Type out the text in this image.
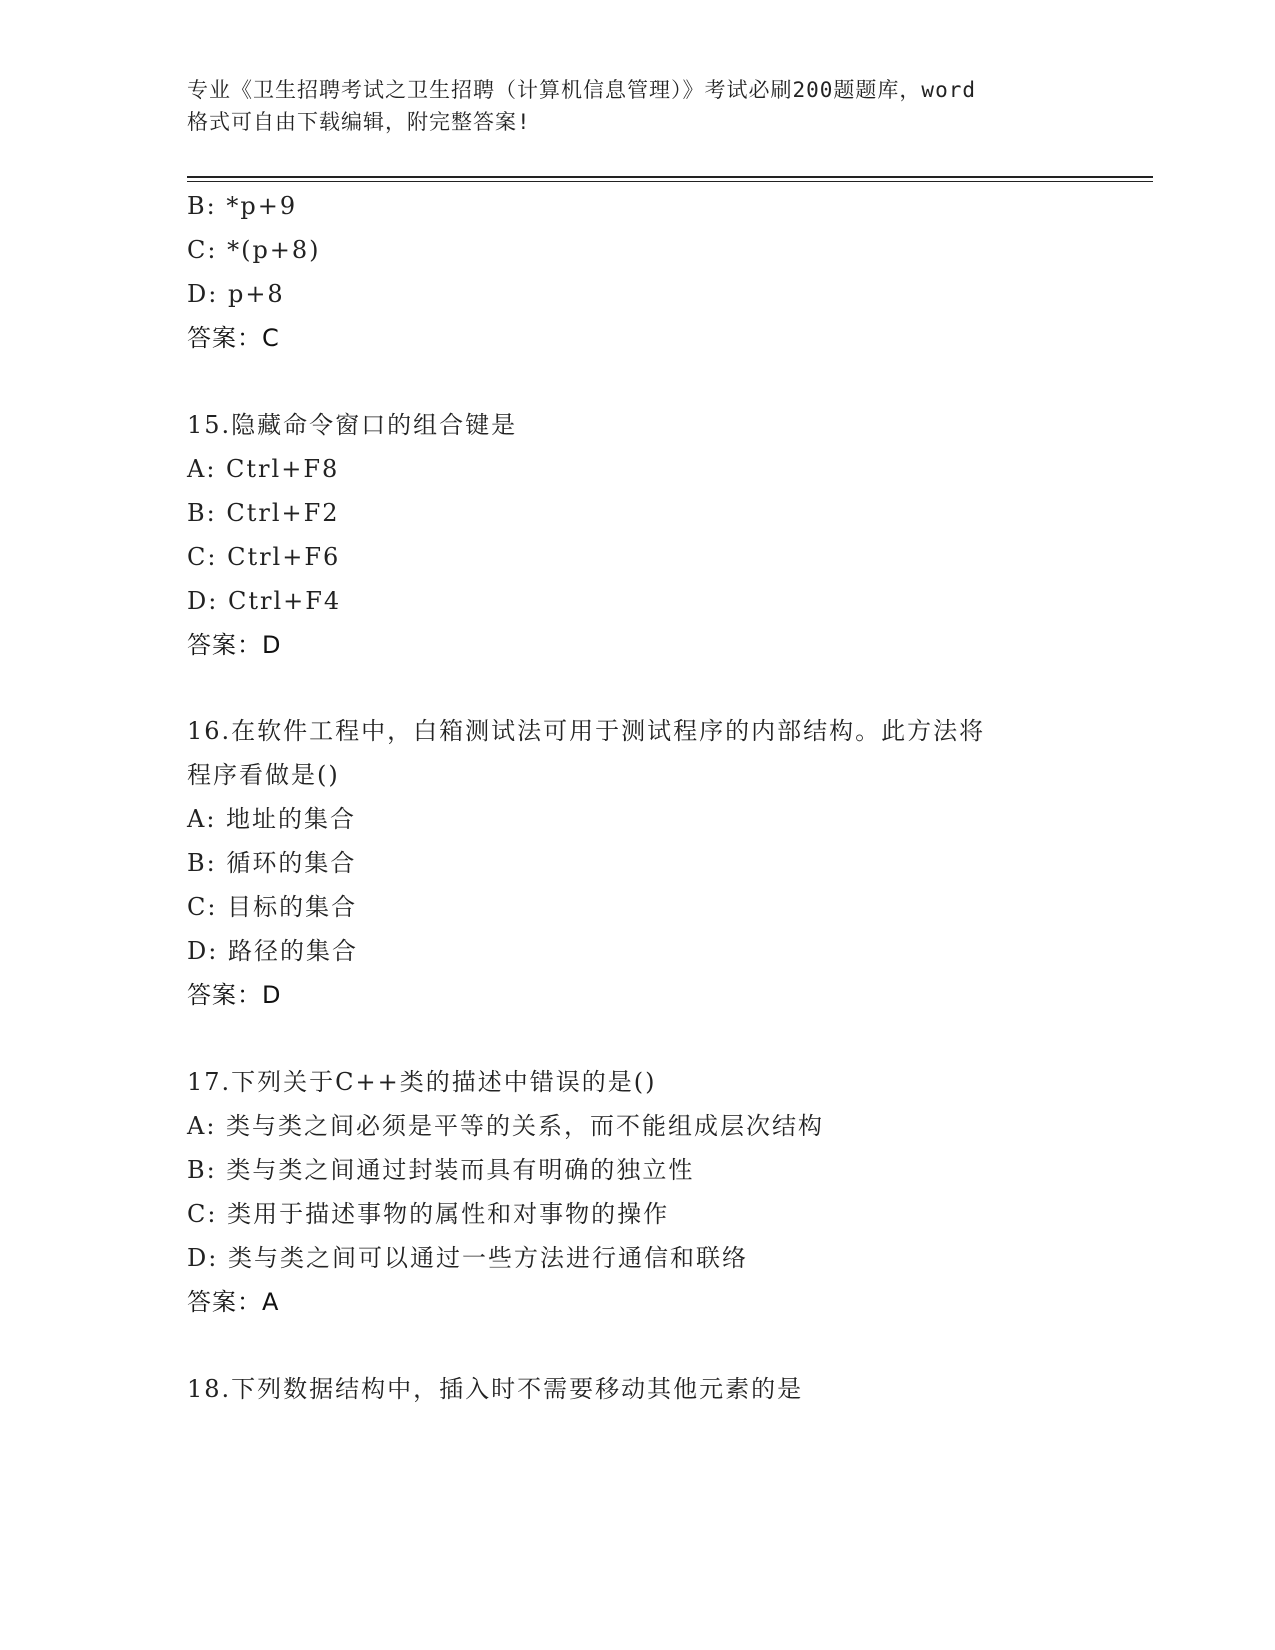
专业《卫生招聘考试之卫生招聘（计算机信息管理）》考试必刷200题题库，word
格式可自由下载编辑，附完整答案!
B: *p+9
C: *(p+8)
D: p+8
答案：C
15.隐藏命令窗口的组合键是
A: Ctrl+F8
B: Ctrl+F2
C: Ctrl+F6
D: Ctrl+F4
答案：D
16.在软件工程中，白箱测试法可用于测试程序的内部结构。此方法将
程序看做是()
A: 地址的集合
B: 循环的集合
C: 目标的集合
D: 路径的集合
答案：D
17.下列关于C++类的描述中错误的是()
A: 类与类之间必须是平等的关系，而不能组成层次结构
B: 类与类之间通过封装而具有明确的独立性
C: 类用于描述事物的属性和对事物的操作
D: 类与类之间可以通过一些方法进行通信和联络
答案：A
18.下列数据结构中，插入时不需要移动其他元素的是
